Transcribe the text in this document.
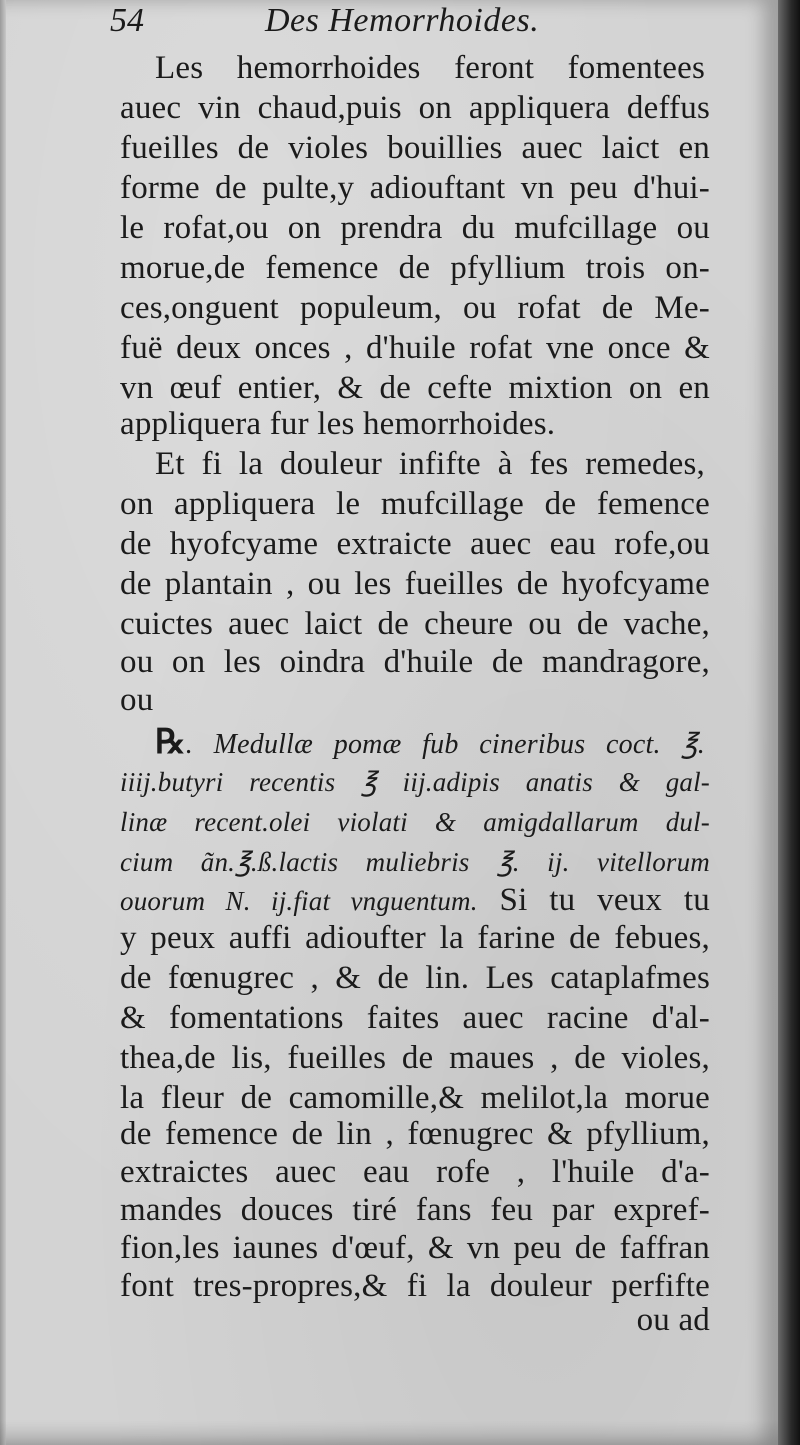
54	Des Hemorrhoides.
Les hemorrhoides feront fomentees
auec vin chaud,puis on appliquera deffus
fueilles de violes bouillies auec laict en
forme de pulte,y adiouftant vn peu d'hui-
le rofat,ou on prendra du mufcillage ou
morue,de femence de pfyllium trois on-
ces,onguent populeum, ou rofat de Me-
fuë deux onces , d'huile rofat vne once &
vn œuf entier, & de cefte mixtion on en
appliquera fur les hemorrhoides.
Et fi la douleur infifte à fes remedes,
on appliquera le mufcillage de femence
de hyofcyame extraicte auec eau rofe,ou
de plantain , ou les fueilles de hyofcyame
cuictes auec laict de cheure ou de vache,
ou on les oindra d'huile de mandragore,
ou
℞. Medullæ pomæ fub cineribus coct. ℥.
iiij.butyri recentis ℥ iij.adipis anatis & gal-
linæ recent.olei violati & amigdallarum dul-
cium ãn.℥.ß.lactis muliebris ℥. ij. vitellorum
ouorum N. ij.fiat vnguentum. Si tu veux tu
y peux auffi adioufter la farine de febues,
de fœnugrec , & de lin. Les cataplafmes
& fomentations faites auec racine d'al-
thea,de lis, fueilles de maues , de violes,
la fleur de camomille,& melilot,la morue
de femence de lin , fœnugrec & pfyllium,
extraictes auec eau rofe , l'huile d'a-
mandes douces tiré fans feu par expref-
fion,les iaunes d'œuf, & vn peu de faffran
font tres-propres,& fi la douleur perfifte
ou ad
